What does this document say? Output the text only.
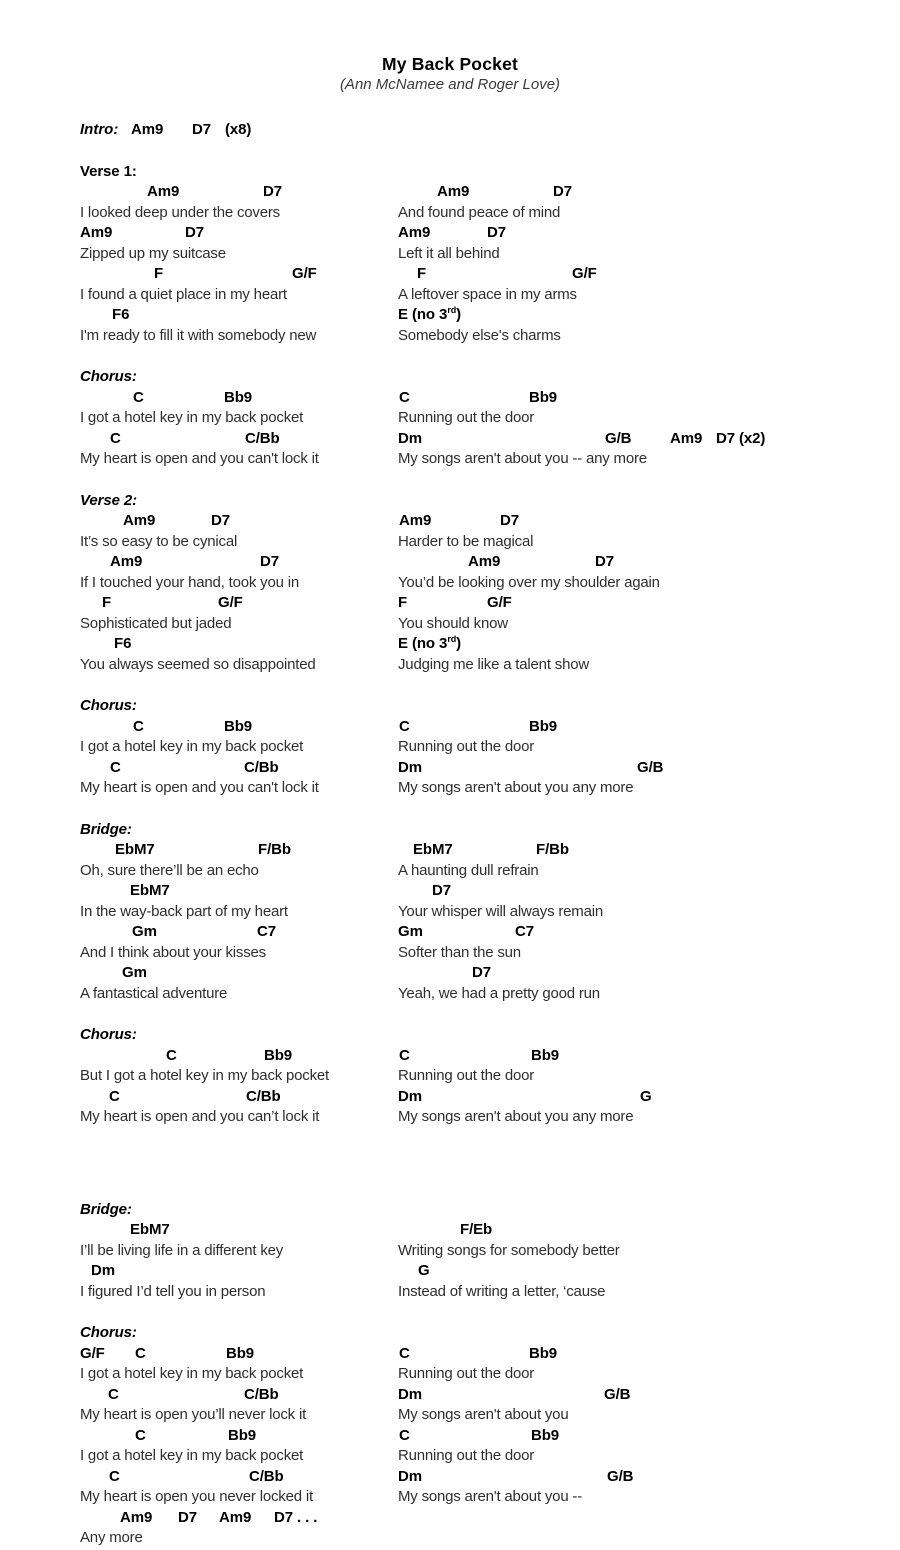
My Back Pocket
(Ann McNamee and Roger Love)
Intro: Am9 D7 (x8)
Verse 1:
Am9	D7	Am9	D7
I looked deep under the covers	And found peace of mind
Am9	D7	Am9	D7
Zipped up my suitcase	Left it all behind
F	G/F	F	G/F
I found a quiet place in my heart	A leftover space in my arms
F6	E (no 3rd)
I'm ready to fill it with somebody new	Somebody else's charms
Chorus:
C	Bb9	C	Bb9
I got a hotel key in my back pocket	Running out the door
C	C/Bb	Dm	G/B	Am9 D7 (x2)
My heart is open and you can't lock it	My songs aren't about you -- any more
Verse 2:
Am9	D7	Am9	D7
It’s so easy to be cynical	Harder to be magical
Am9	D7	Am9	D7
If I touched your hand, took you in	You’d be looking over my shoulder again
F	G/F	F	G/F
Sophisticated but jaded	You should know
F6	E (no 3rd)
You always seemed so disappointed	Judging me like a talent show
Chorus:
C	Bb9	C	Bb9
I got a hotel key in my back pocket	Running out the door
C	C/Bb	Dm	G/B
My heart is open and you can't lock it	My songs aren't about you any more
Bridge:
EbM7	F/Bb	EbM7	F/Bb
Oh, sure there’ll be an echo	A haunting dull refrain
EbM7	D7
In the way-back part of my heart	Your whisper will always remain
Gm	C7	Gm	C7
And I think about your kisses	Softer than the sun
Gm	D7
A fantastical adventure	Yeah, we had a pretty good run
Chorus:
C	Bb9	C	Bb9
But I got a hotel key in my back pocket	Running out the door
C	C/Bb	Dm	G
My heart is open and you can’t lock it	My songs aren't about you any more
Bridge:
EbM7	F/Eb
I’ll be living life in a different key	Writing songs for somebody better
Dm	G
I figured I’d tell you in person	Instead of writing a letter, ‘cause
Chorus:
G/F C	Bb9	C	Bb9
I got a hotel key in my back pocket	Running out the door
C	C/Bb	Dm	G/B
My heart is open you’ll never lock it	My songs aren't about you
C	Bb9	C	Bb9
I got a hotel key in my back pocket	Running out the door
C	C/Bb	Dm	G/B
My heart is open you never locked it	My songs aren't about you --
Am9 D7 Am9 D7 . . .
Any more
